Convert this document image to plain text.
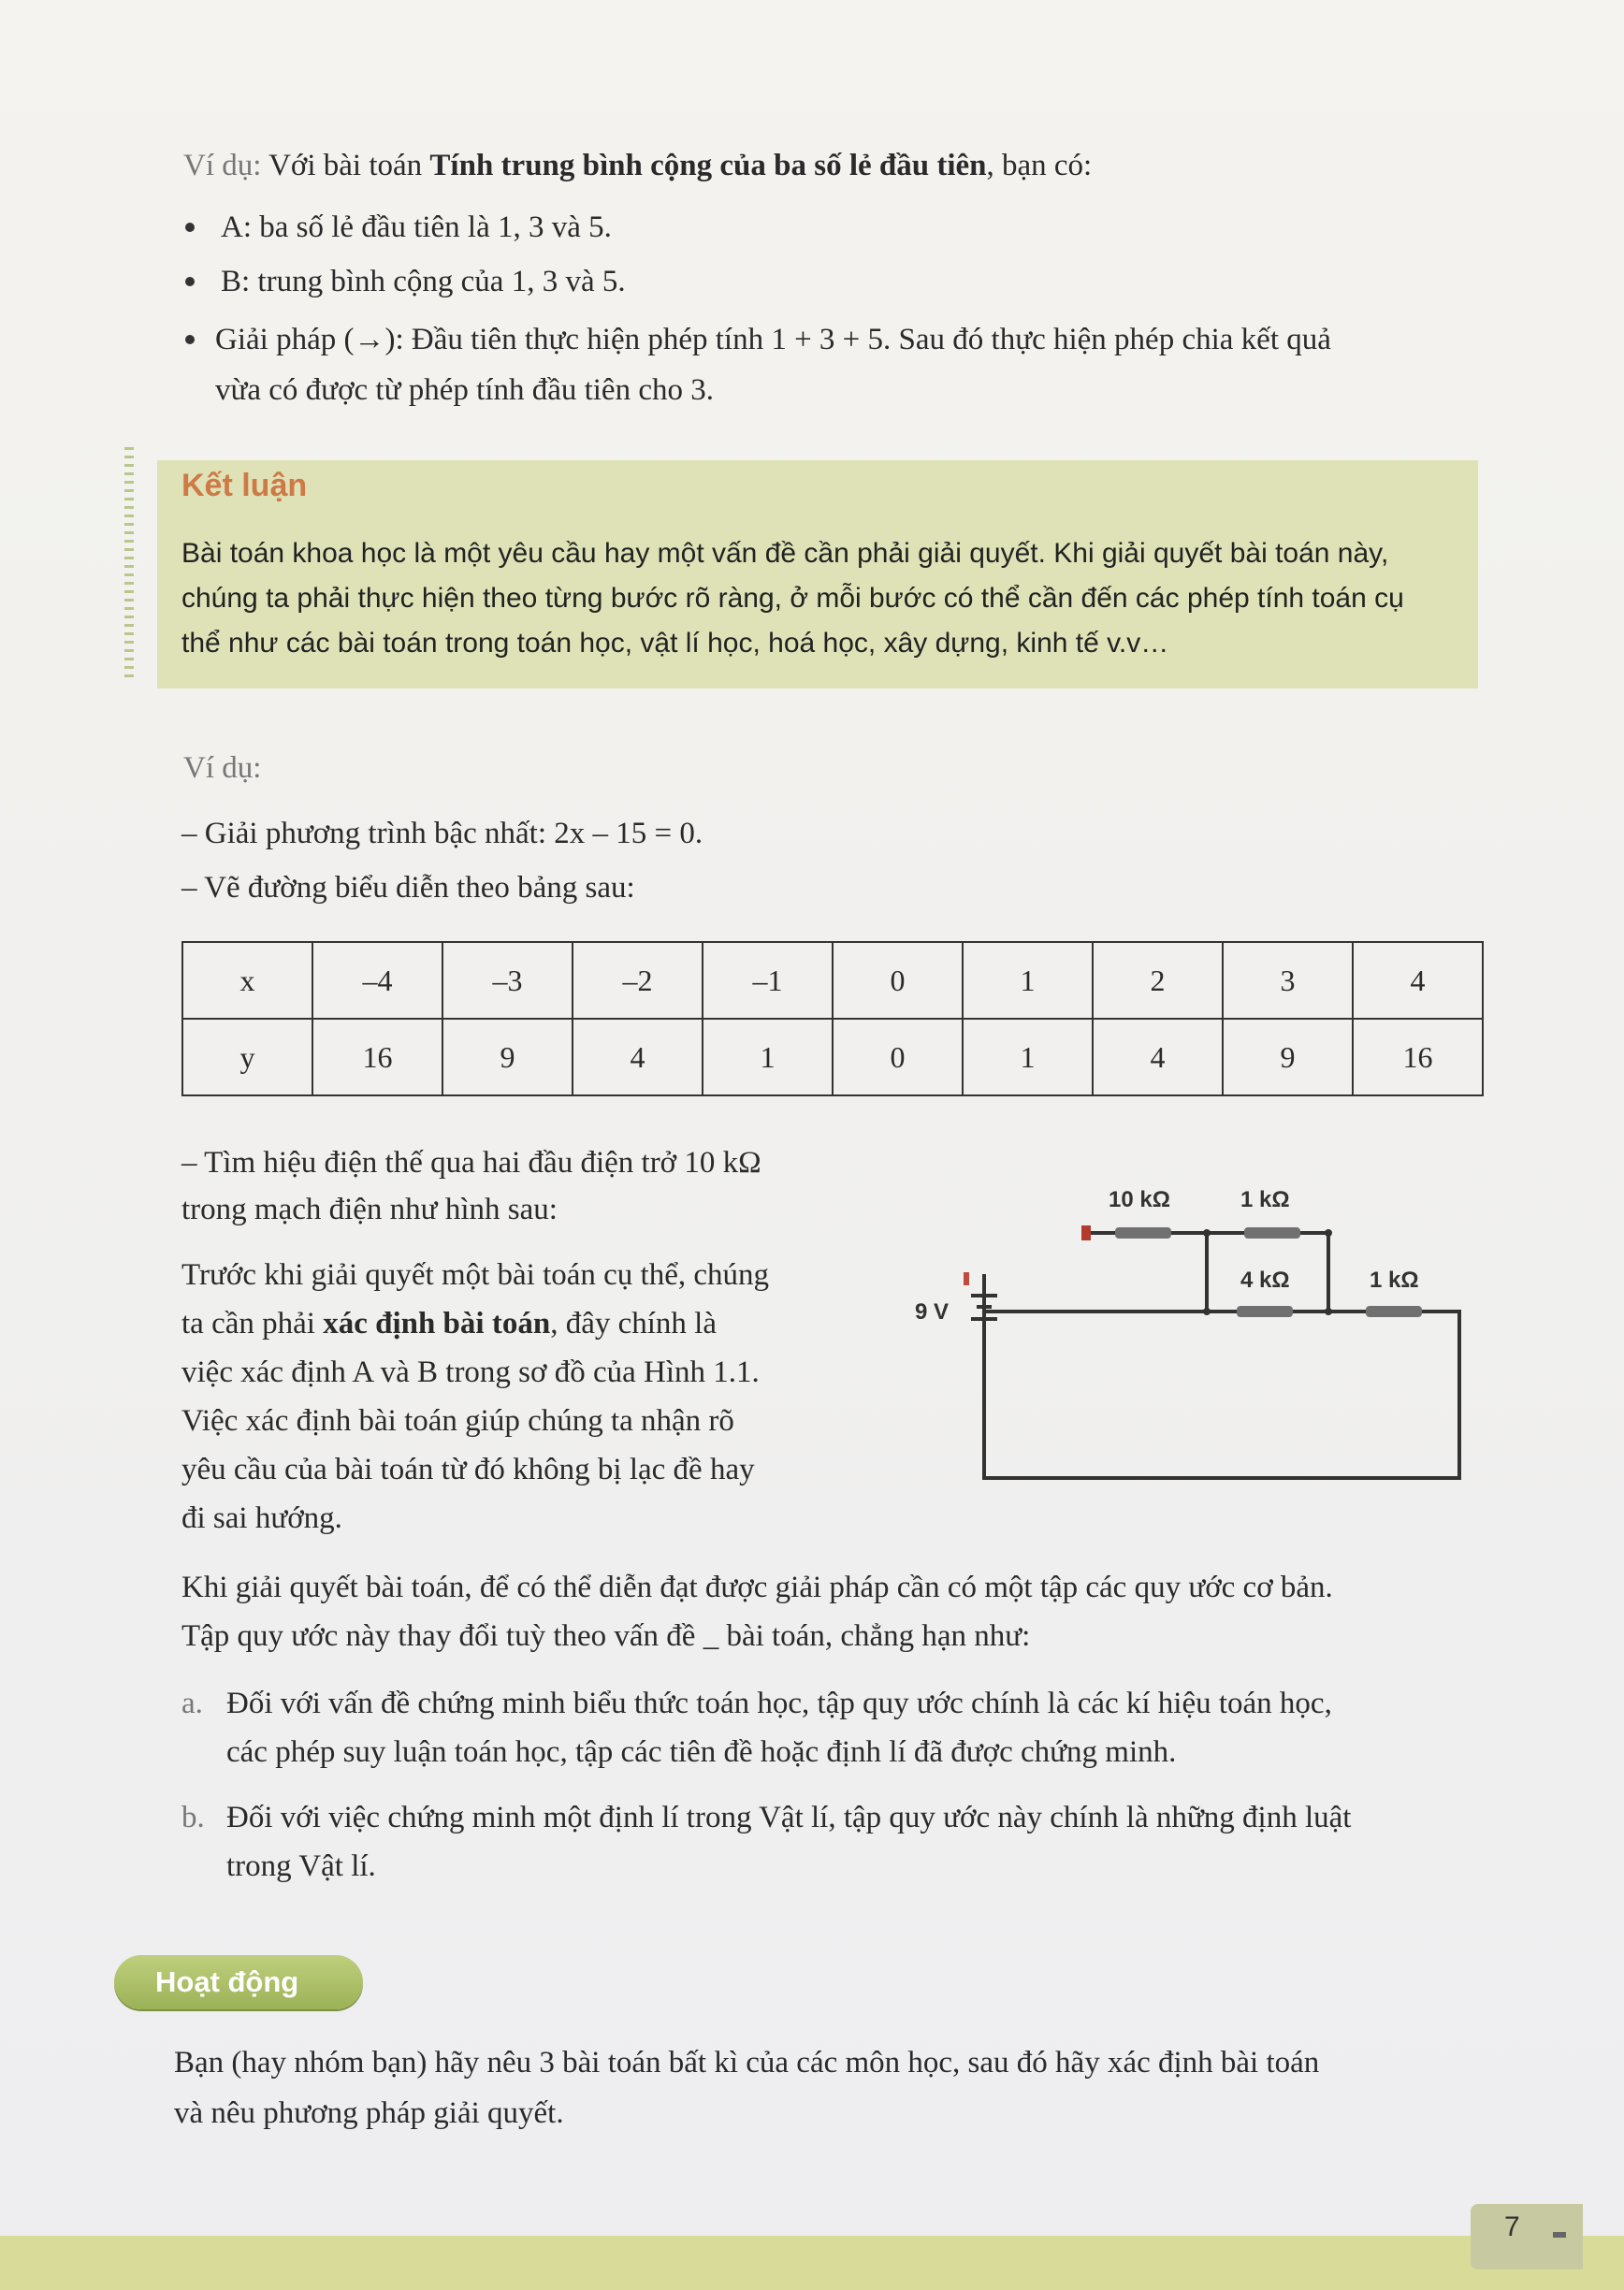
Ví dụ: Với bài toán Tính trung bình cộng của ba số lẻ đầu tiên, bạn có:
A: ba số lẻ đầu tiên là 1, 3 và 5.
B: trung bình cộng của 1, 3 và 5.
Giải pháp (→): Đầu tiên thực hiện phép tính 1 + 3 + 5. Sau đó thực hiện phép chia kết quả
vừa có được từ phép tính đầu tiên cho 3.
Kết luận
Bài toán khoa học là một yêu cầu hay một vấn đề cần phải giải quyết. Khi giải quyết bài toán này,
chúng ta phải thực hiện theo từng bước rõ ràng, ở mỗi bước có thể cần đến các phép tính toán cụ
thể như các bài toán trong toán học, vật lí học, hoá học, xây dựng, kinh tế v.v…
Ví dụ:
– Giải phương trình bậc nhất: 2x – 15 = 0.
– Vẽ đường biểu diễn theo bảng sau:
x	–4	–3	–2	–1	0	1	2	3	4
y	16	9	4	1	0	1	4	9	16
– Tìm hiệu điện thế qua hai đầu điện trở 10 kΩ
trong mạch điện như hình sau:
Trước khi giải quyết một bài toán cụ thể, chúng
ta cần phải xác định bài toán, đây chính là
việc xác định A và B trong sơ đồ của Hình 1.1.
Việc xác định bài toán giúp chúng ta nhận rõ
yêu cầu của bài toán từ đó không bị lạc đề hay
đi sai hướng.
10 kΩ	1 kΩ
4 kΩ	1 kΩ
9 V
Khi giải quyết bài toán, để có thể diễn đạt được giải pháp cần có một tập các quy ước cơ bản.
Tập quy ước này thay đổi tuỳ theo vấn đề _ bài toán, chẳng hạn như:
a. Đối với vấn đề chứng minh biểu thức toán học, tập quy ước chính là các kí hiệu toán học,
các phép suy luận toán học, tập các tiên đề hoặc định lí đã được chứng minh.
b. Đối với việc chứng minh một định lí trong Vật lí, tập quy ước này chính là những định luật
trong Vật lí.
Hoạt động
Bạn (hay nhóm bạn) hãy nêu 3 bài toán bất kì của các môn học, sau đó hãy xác định bài toán
và nêu phương pháp giải quyết.
7
